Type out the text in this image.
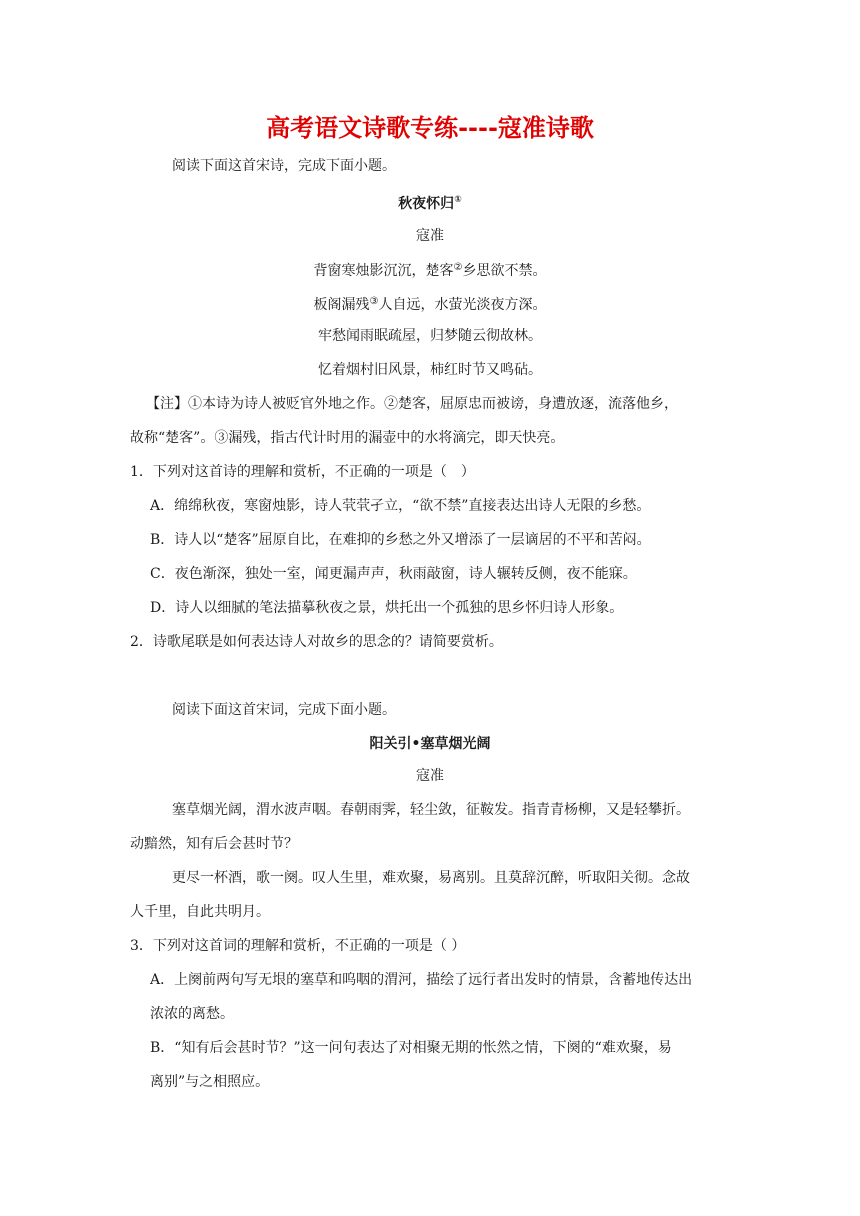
高考语文诗歌专练----寇准诗歌
阅读下面这首宋诗，完成下面小题。
秋夜怀归①
寇准
背窗寒烛影沉沉，楚客②乡思欲不禁。
板阁漏残③人自远，水萤光淡夜方深。
牢愁闻雨眠疏屋，归梦随云彻故林。
忆着烟村旧风景，柿红时节又鸣砧。
【注】①本诗为诗人被贬官外地之作。②楚客，屈原忠而被谤，身遭放逐，流落他乡，
故称“楚客”。③漏残，指古代计时用的漏壶中的水将滴完，即天快亮。
1．下列对这首诗的理解和赏析，不正确的一项是（　）
A．绵绵秋夜，寒窗烛影，诗人茕茕孑立，“欲不禁”直接表达出诗人无限的乡愁。
B．诗人以“楚客”屈原自比，在难抑的乡愁之外又增添了一层谪居的不平和苦闷。
C．夜色渐深，独处一室，闻更漏声声，秋雨敲窗，诗人辗转反侧，夜不能寐。
D．诗人以细腻的笔法描摹秋夜之景，烘托出一个孤独的思乡怀归诗人形象。
2．诗歌尾联是如何表达诗人对故乡的思念的？请简要赏析。
阅读下面这首宋词，完成下面小题。
阳关引•塞草烟光阔
寇准
塞草烟光阔，渭水波声咽。春朝雨霁，轻尘敛，征鞍发。指青青杨柳，又是轻攀折。
动黯然，知有后会甚时节？
更尽一杯酒，歌一阕。叹人生里，难欢聚，易离别。且莫辞沉醉，听取阳关彻。念故
人千里，自此共明月。
3．下列对这首词的理解和赏析，不正确的一项是（ ）
A．上阕前两句写无垠的塞草和呜咽的渭河，描绘了远行者出发时的情景，含蓄地传达出
浓浓的离愁。
B．“知有后会甚时节？”这一问句表达了对相聚无期的怅然之情，下阕的“难欢聚，易
离别”与之相照应。
